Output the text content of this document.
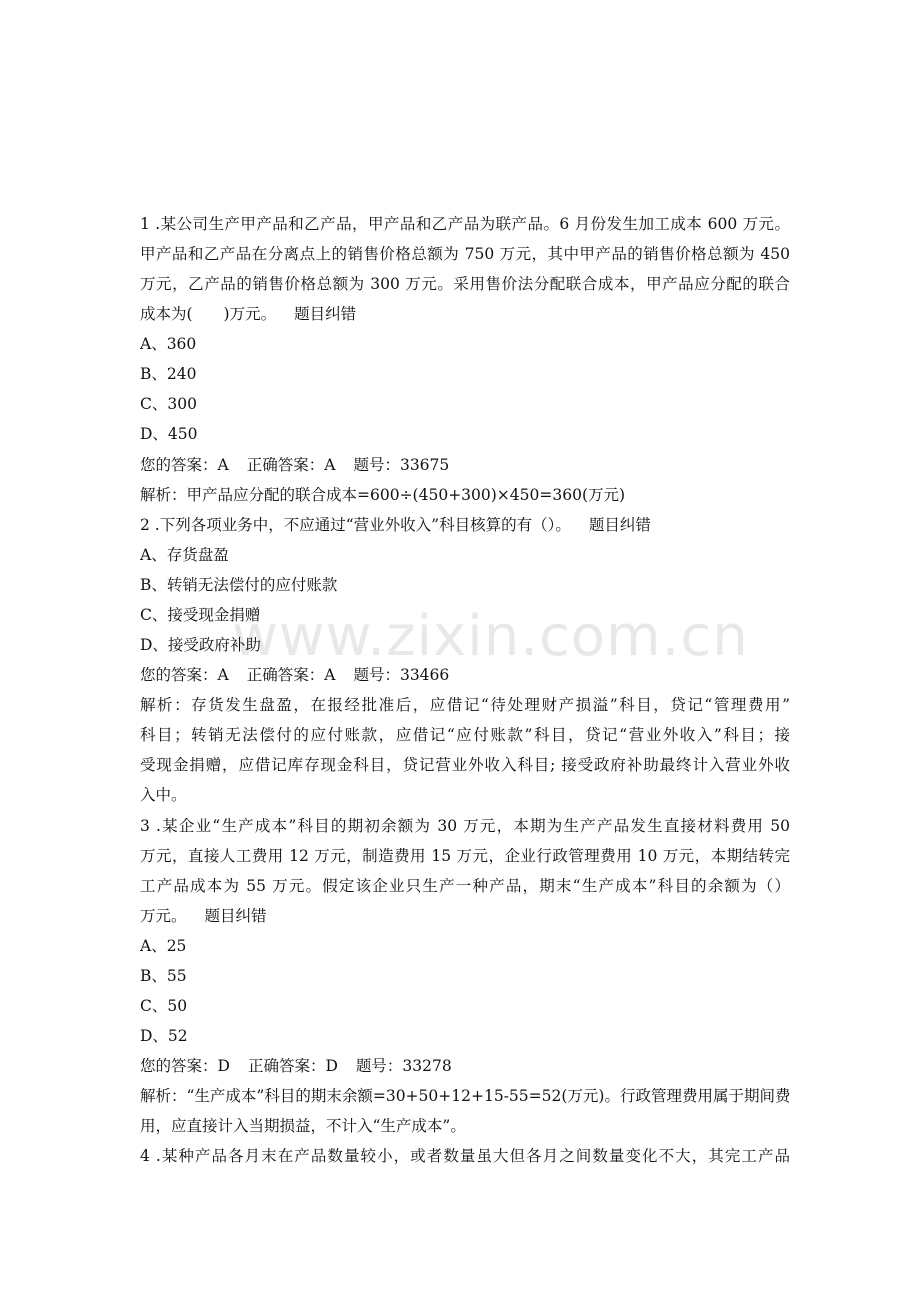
1 .某公司生产甲产品和乙产品，甲产品和乙产品为联产品。6 月份发生加工成本 600 万元。
甲产品和乙产品在分离点上的销售价格总额为 750 万元，其中甲产品的销售价格总额为 450
万元，乙产品的销售价格总额为 300 万元。采用售价法分配联合成本，甲产品应分配的联合
成本为(　　)万元。 题目纠错
A、360
B、240
C、300
D、450
您的答案：A 正确答案：A 题号：33675
解析：甲产品应分配的联合成本=600÷(450+300)×450=360(万元)
2 .下列各项业务中，不应通过“营业外收入”科目核算的有（）。 题目纠错
A、存货盘盈
B、转销无法偿付的应付账款
C、接受现金捐赠
D、接受政府补助
您的答案：A 正确答案：A 题号：33466
解析：存货发生盘盈，在报经批准后，应借记“待处理财产损溢”科目，贷记“管理费用”
科目；转销无法偿付的应付账款，应借记“应付账款”科目，贷记“营业外收入”科目；接
受现金捐赠，应借记库存现金科目，贷记营业外收入科目; 接受政府补助最终计入营业外收
入中。
3 .某企业“生产成本”科目的期初余额为 30 万元，本期为生产产品发生直接材料费用 50
万元，直接人工费用 12 万元，制造费用 15 万元，企业行政管理费用 10 万元，本期结转完
工产品成本为 55 万元。假定该企业只生产一种产品，期末“生产成本”科目的余额为（）
万元。 题目纠错
A、25
B、55
C、50
D、52
您的答案：D 正确答案：D 题号：33278
解析：“生产成本”科目的期末余额=30+50+12+15-55=52(万元)。行政管理费用属于期间费
用，应直接计入当期损益，不计入“生产成本”。
4 .某种产品各月末在产品数量较小，或者数量虽大但各月之间数量变化不大，其完工产品
www.zixin.com.cn
